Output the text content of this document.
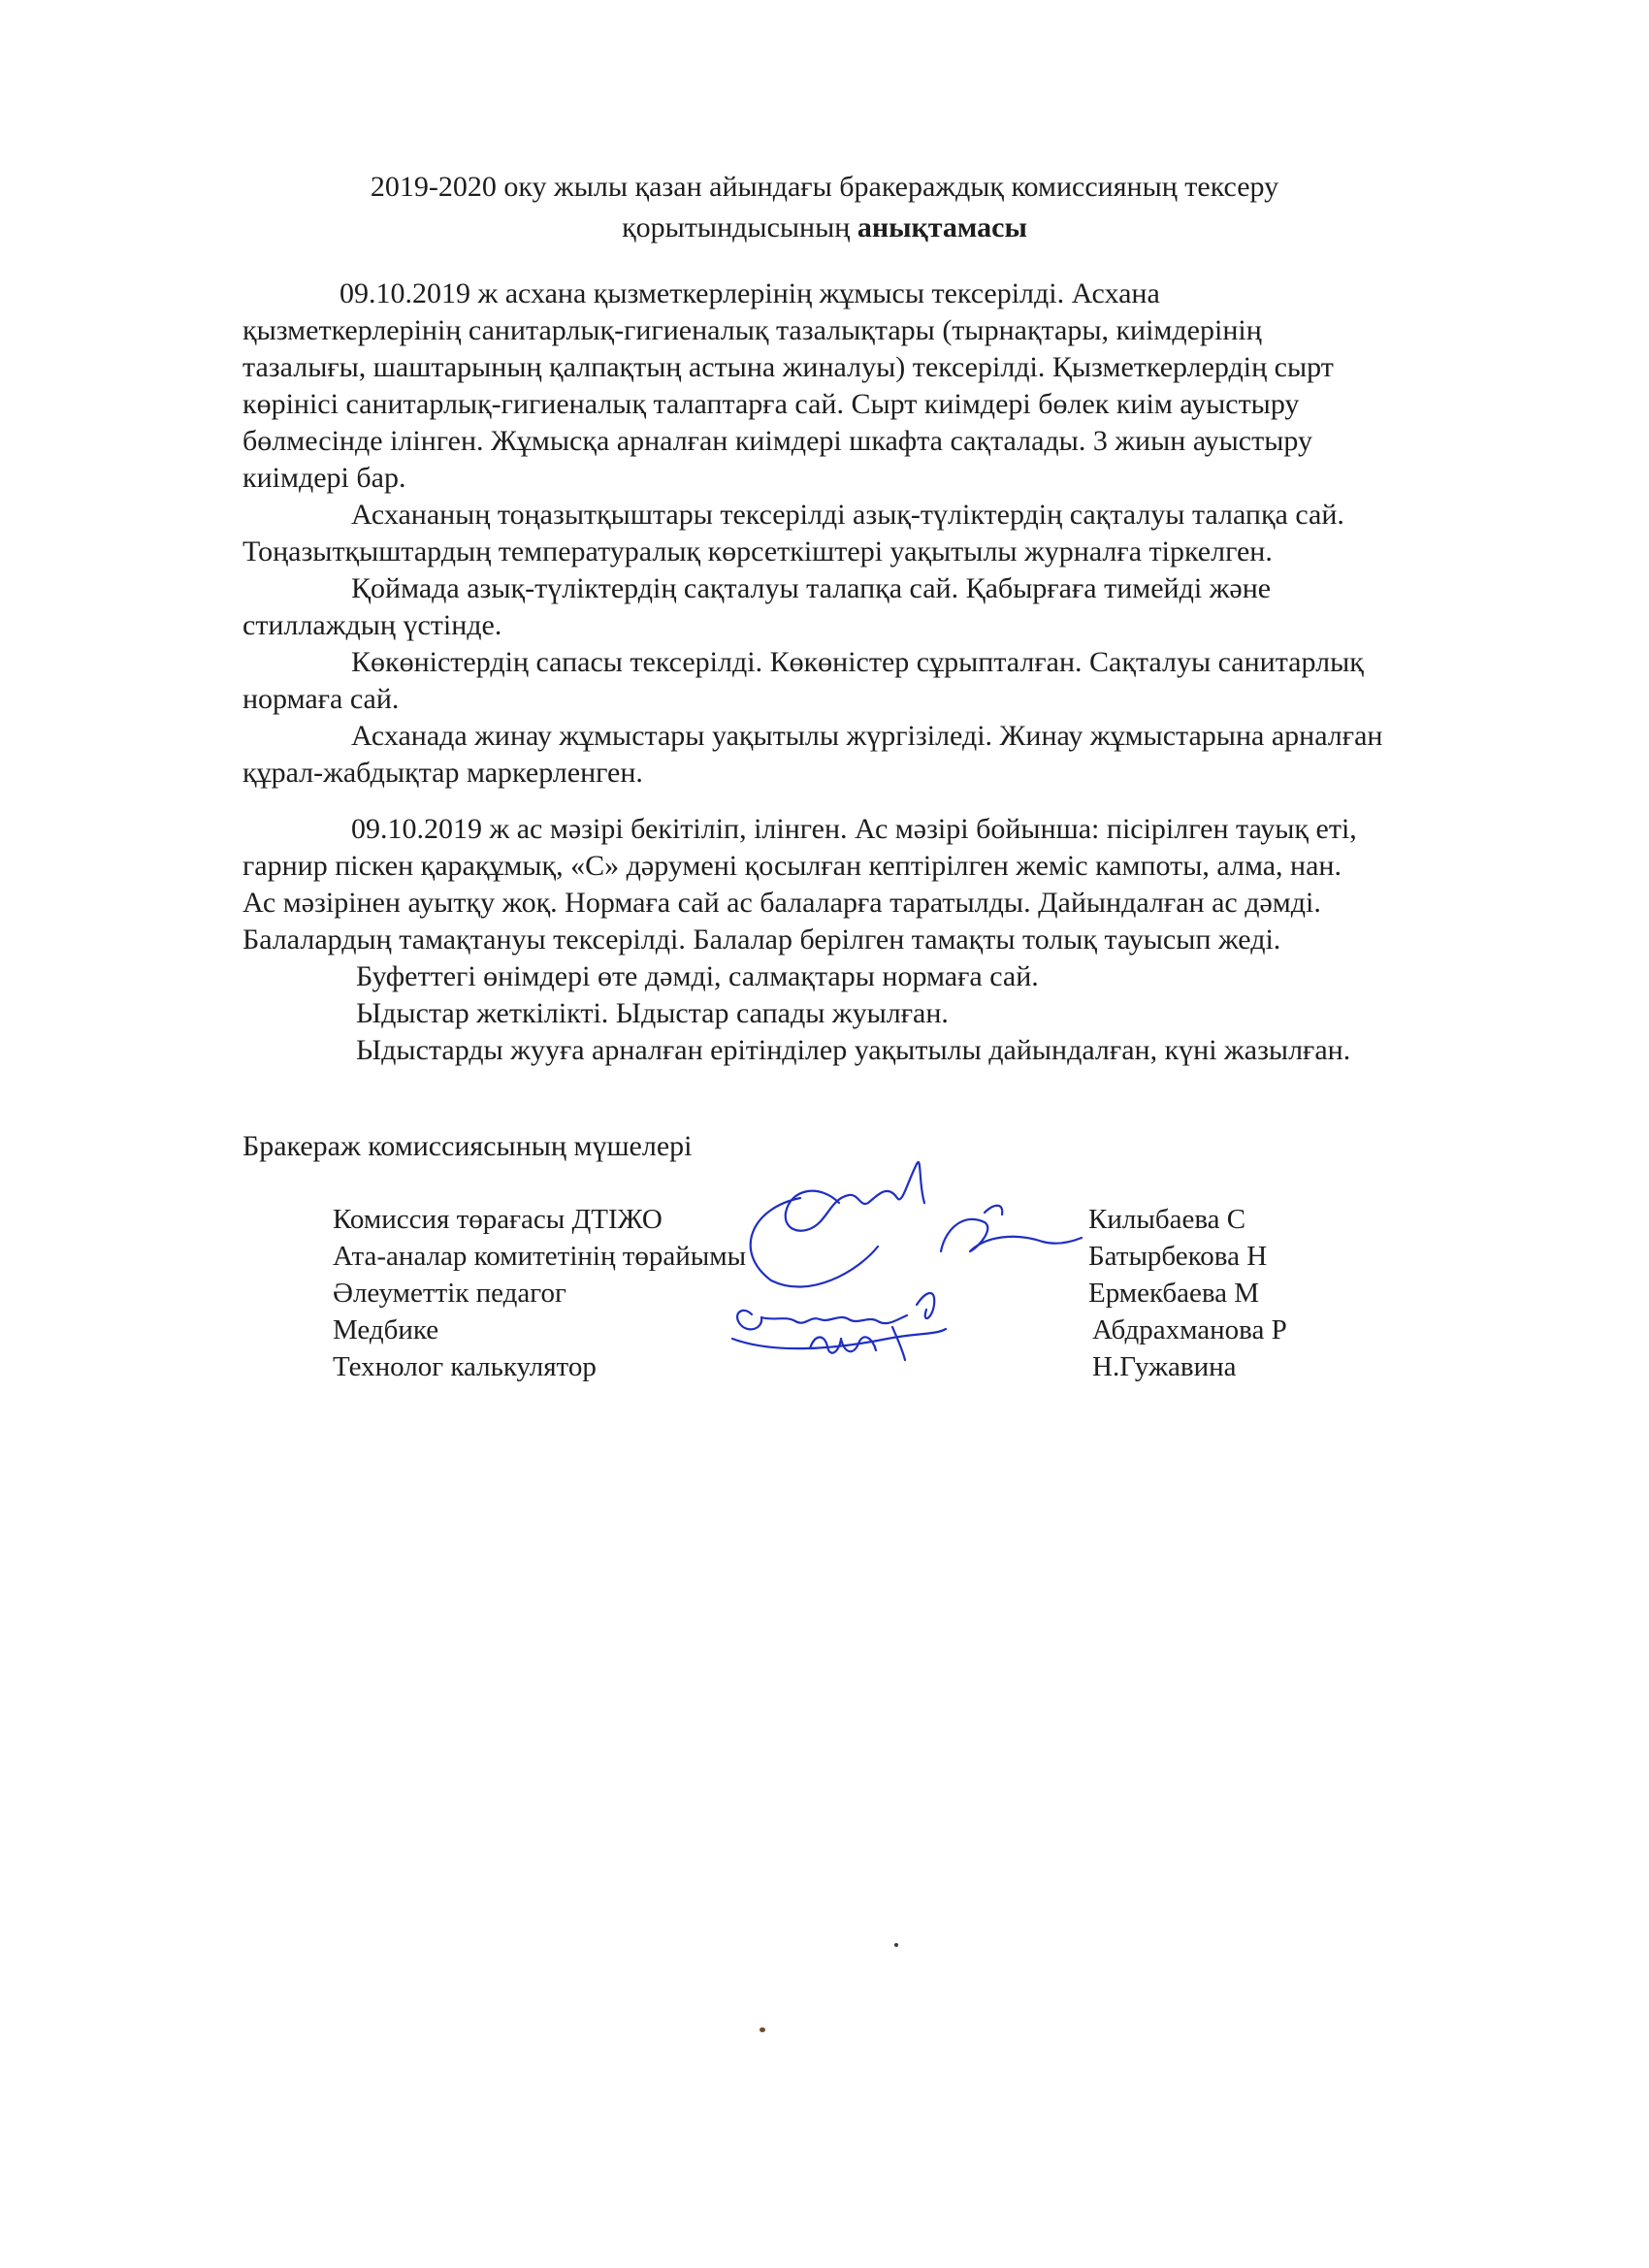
2019-2020 оку жылы қазан айындағы бракераждық комиссияның тексеру
қорытындысының анықтамасы
09.10.2019 ж асхана қызметкерлерінің жұмысы тексерілді. Асхана
қызметкерлерінің санитарлық-гигиеналық тазалықтары (тырнақтары, киімдерінің
тазалығы, шаштарының қалпақтың астына жиналуы) тексерілді. Қызметкерлердің сырт
көрінісі санитарлық-гигиеналық талаптарға сай. Сырт киімдері бөлек киім ауыстыру
бөлмесінде ілінген. Жұмысқа арналған киімдері шкафта сақталады. 3 жиын ауыстыру
киімдері бар.
Асхананың тоңазытқыштары тексерілді азық-түліктердің сақталуы талапқа сай.
Тоңазытқыштардың температуралық көрсеткіштері уақытылы журналға тіркелген.
Қоймада азық-түліктердің сақталуы талапқа сай. Қабырғаға тимейді және
стиллаждың үстінде.
Көкөністердің сапасы тексерілді. Көкөністер сұрыпталған. Сақталуы санитарлық
нормаға сай.
Асханада жинау жұмыстары уақытылы жүргізіледі. Жинау жұмыстарына арналған
құрал-жабдықтар маркерленген.
09.10.2019 ж ас мәзірі бекітіліп, ілінген. Ас мәзірі бойынша: пісірілген тауық еті,
гарнир піскен қарақұмық, «С» дәрумені қосылған кептірілген жеміс кампоты, алма, нан.
Ас мәзірінен ауытқу жоқ. Нормаға сай ас балаларға таратылды. Дайындалған ас дәмді.
Балалардың тамақтануы тексерілді. Балалар берілген тамақты толық тауысып жеді.
Буфеттегі өнімдері өте дәмді, салмақтары нормаға сай.
Ыдыстар жеткілікті. Ыдыстар сапады жуылған.
Ыдыстарды жууға арналған ерітінділер уақытылы дайындалған, күні жазылған.
Бракераж комиссиясының мүшелері
Комиссия төрағасы ДТІЖО	Килыбаева С
Ата-аналар комитетінің төрайымы	Батырбекова Н
Әлеуметтік педагог	Ермекбаева М
Медбике	Абдрахманова Р
Технолог калькулятор	Н.Гужавина
